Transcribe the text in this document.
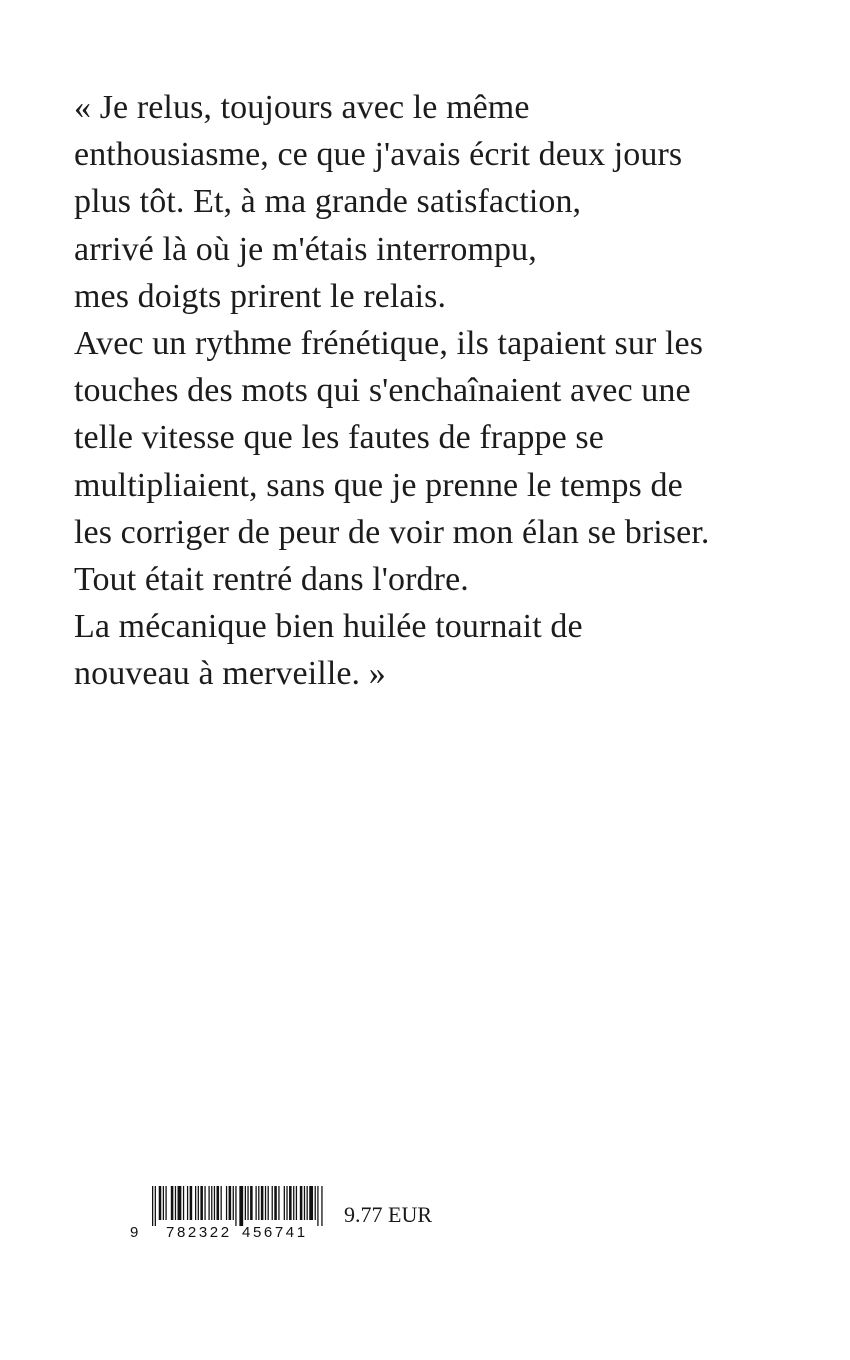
« Je relus, toujours avec le même
enthousiasme, ce que j'avais écrit deux jours
plus tôt. Et, à ma grande satisfaction,
arrivé là où je m'étais interrompu,
mes doigts prirent le relais.
Avec un rythme frénétique, ils tapaient sur les
touches des mots qui s'enchaînaient avec une
telle vitesse que les fautes de frappe se
multipliaient, sans que je prenne le temps de
les corriger de peur de voir mon élan se briser.
Tout était rentré dans l'ordre.
La mécanique bien huilée tournait de
nouveau à merveille. »
9 782322 456741
9.77 EUR
